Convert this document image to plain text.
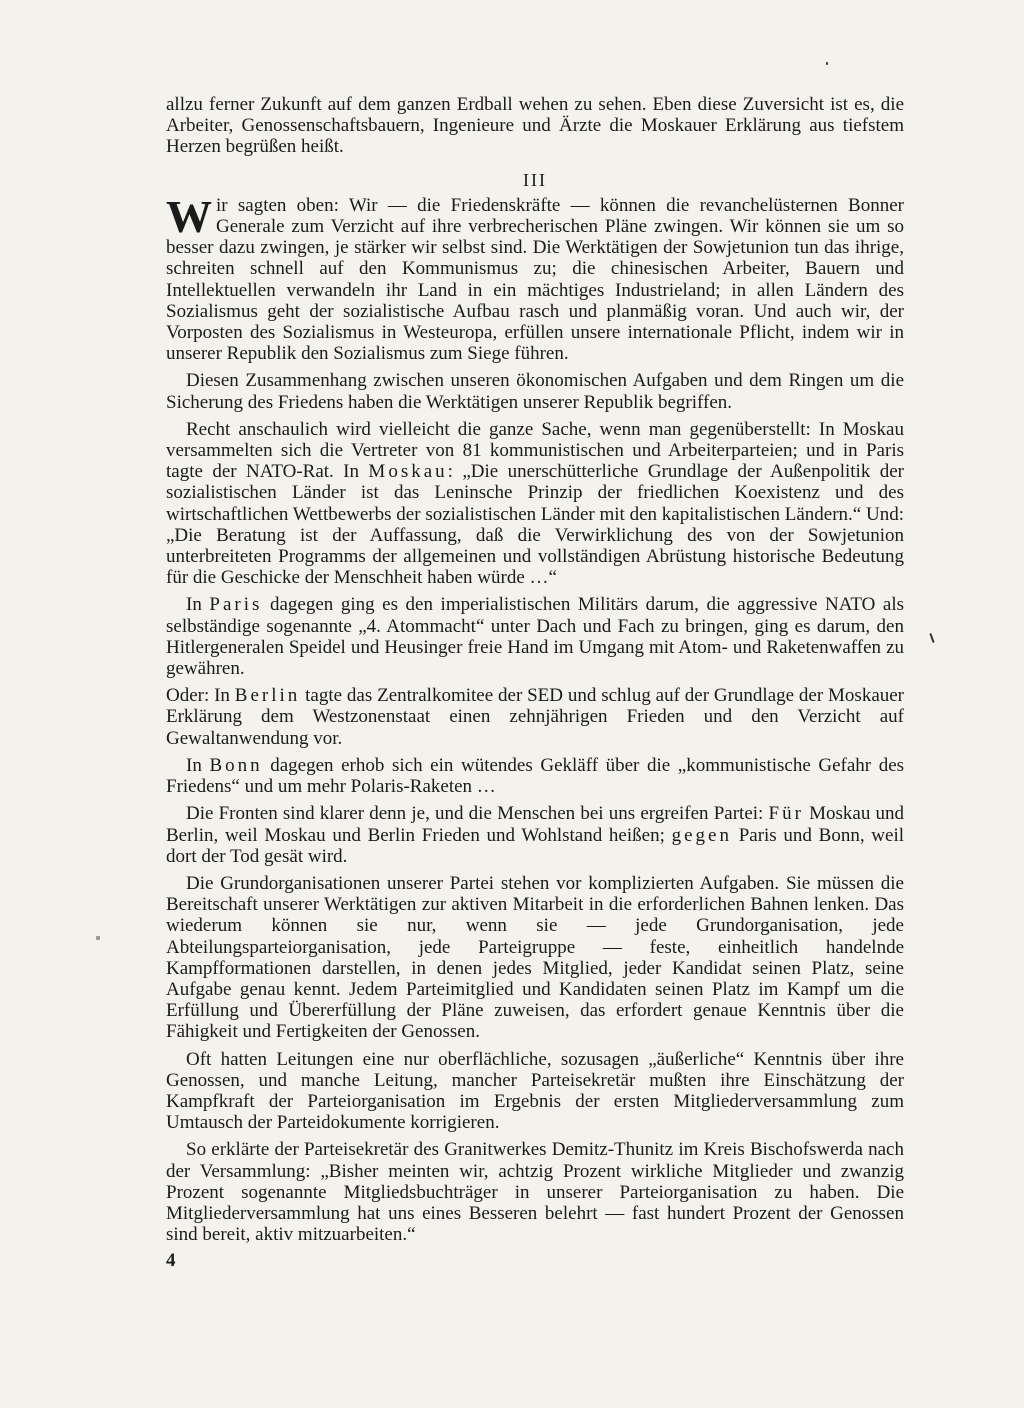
allzu ferner Zukunft auf dem ganzen Erdball wehen zu sehen. Eben diese Zuversicht ist es, die Arbeiter, Genossenschaftsbauern, Ingenieure und Ärzte die Moskauer Erklärung aus tiefstem Herzen begrüßen heißt.

III

Wir sagten oben: Wir — die Friedenskräfte — können die revanchelüsternen Bonner Generale zum Verzicht auf ihre verbrecherischen Pläne zwingen. Wir können sie um so besser dazu zwingen, je stärker wir selbst sind. Die Werktätigen der Sowjetunion tun das ihrige, schreiten schnell auf den Kommunismus zu; die chinesischen Arbeiter, Bauern und Intellektuellen verwandeln ihr Land in ein mächtiges Industrieland; in allen Ländern des Sozialismus geht der sozialistische Aufbau rasch und planmäßig voran. Und auch wir, der Vorposten des Sozialismus in Westeuropa, erfüllen unsere internationale Pflicht, indem wir in unserer Republik den Sozialismus zum Siege führen.

Diesen Zusammenhang zwischen unseren ökonomischen Aufgaben und dem Ringen um die Sicherung des Friedens haben die Werktätigen unserer Republik begriffen.

Recht anschaulich wird vielleicht die ganze Sache, wenn man gegenüberstellt: In Moskau versammelten sich die Vertreter von 81 kommunistischen und Arbeiterparteien; und in Paris tagte der NATO-Rat. In Moskau: „Die unerschütterliche Grundlage der Außenpolitik der sozialistischen Länder ist das Leninsche Prinzip der friedlichen Koexistenz und des wirtschaftlichen Wettbewerbs der sozialistischen Länder mit den kapitalistischen Ländern.“ Und: „Die Beratung ist der Auffassung, daß die Verwirklichung des von der Sowjetunion unterbreiteten Programms der allgemeinen und vollständigen Abrüstung historische Bedeutung für die Geschicke der Menschheit haben würde …“

In Paris dagegen ging es den imperialistischen Militärs darum, die aggressive NATO als selbständige sogenannte „4. Atommacht“ unter Dach und Fach zu bringen, ging es darum, den Hitlergeneralen Speidel und Heusinger freie Hand im Umgang mit Atom- und Raketenwaffen zu gewähren.

Oder: In Berlin tagte das Zentralkomitee der SED und schlug auf der Grundlage der Moskauer Erklärung dem Westzonenstaat einen zehnjährigen Frieden und den Verzicht auf Gewaltanwendung vor.

In Bonn dagegen erhob sich ein wütendes Gekläff über die „kommunistische Gefahr des Friedens“ und um mehr Polaris-Raketen …

Die Fronten sind klarer denn je, und die Menschen bei uns ergreifen Partei: Für Moskau und Berlin, weil Moskau und Berlin Frieden und Wohlstand heißen; gegen Paris und Bonn, weil dort der Tod gesät wird.

Die Grundorganisationen unserer Partei stehen vor komplizierten Aufgaben. Sie müssen die Bereitschaft unserer Werktätigen zur aktiven Mitarbeit in die erforderlichen Bahnen lenken. Das wiederum können sie nur, wenn sie — jede Grundorganisation, jede Abteilungsparteiorganisation, jede Parteigruppe — feste, einheitlich handelnde Kampfformationen darstellen, in denen jedes Mitglied, jeder Kandidat seinen Platz, seine Aufgabe genau kennt. Jedem Parteimitglied und Kandidaten seinen Platz im Kampf um die Erfüllung und Übererfüllung der Pläne zuweisen, das erfordert genaue Kenntnis über die Fähigkeit und Fertigkeiten der Genossen.

Oft hatten Leitungen eine nur oberflächliche, sozusagen „äußerliche“ Kenntnis über ihre Genossen, und manche Leitung, mancher Parteisekretär mußten ihre Einschätzung der Kampfkraft der Parteiorganisation im Ergebnis der ersten Mitgliederversammlung zum Umtausch der Parteidokumente korrigieren.

So erklärte der Parteisekretär des Granitwerkes Demitz-Thunitz im Kreis Bischofswerda nach der Versammlung: „Bisher meinten wir, achtzig Prozent wirkliche Mitglieder und zwanzig Prozent sogenannte Mitgliedsbuchträger in unserer Parteiorganisation zu haben. Die Mitgliederversammlung hat uns eines Besseren belehrt — fast hundert Prozent der Genossen sind bereit, aktiv mitzuarbeiten.“

4
